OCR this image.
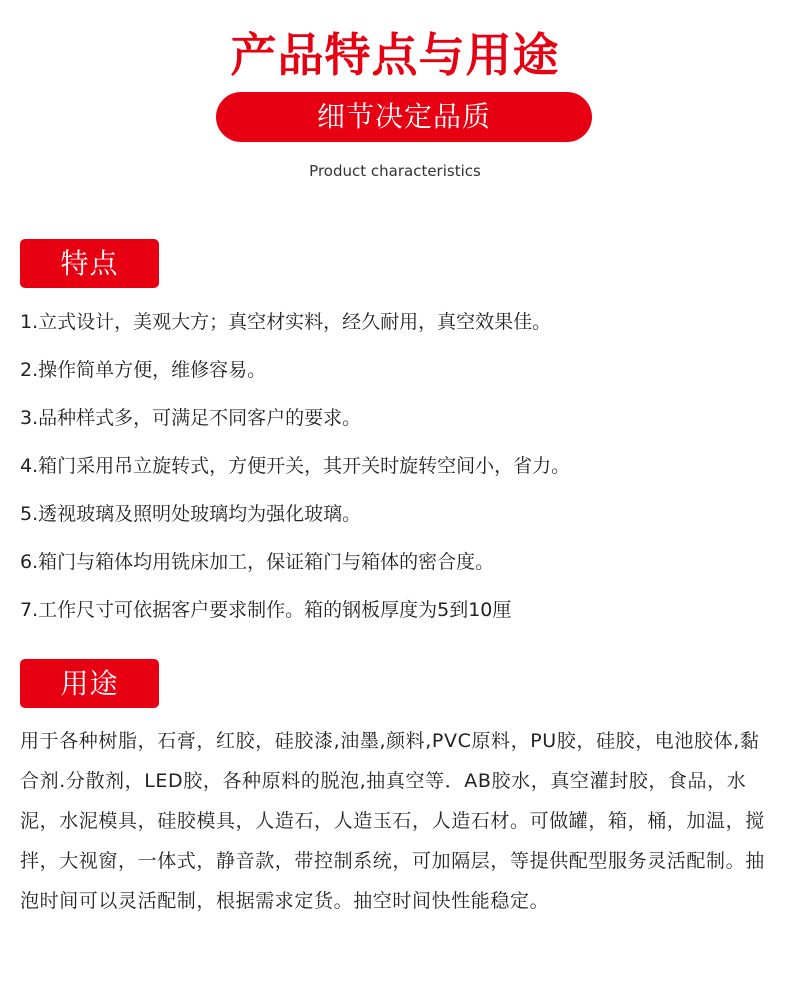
产品特点与用途
细节决定品质
Product characteristics
特点
1.立式设计，美观大方；真空材实料，经久耐用，真空效果佳。
2.操作简单方便，维修容易。
3.品种样式多，可满足不同客户的要求。
4.箱门采用吊立旋转式，方便开关，其开关时旋转空间小，省力。
5.透视玻璃及照明处玻璃均为强化玻璃。
6.箱门与箱体均用铣床加工，保证箱门与箱体的密合度。
7.工作尺寸可依据客户要求制作。箱的钢板厚度为5到10厘
用途

用于各种树脂，石膏，红胶，硅胶漆,油墨,颜料,PVC原料，PU胶，硅胶，电池胶体,黏合剂.分散剂，LED胶，各种原料的脱泡,抽真空等．AB胶水，真空灌封胶，食品，水泥，水泥模具，硅胶模具，人造石，人造玉石，人造石材。可做罐，箱，桶，加温，搅拌，大视窗，一体式，静音款，带控制系统，可加隔层，等提供配型服务灵活配制。抽泡时间可以灵活配制，根据需求定货。抽空时间快性能稳定。
